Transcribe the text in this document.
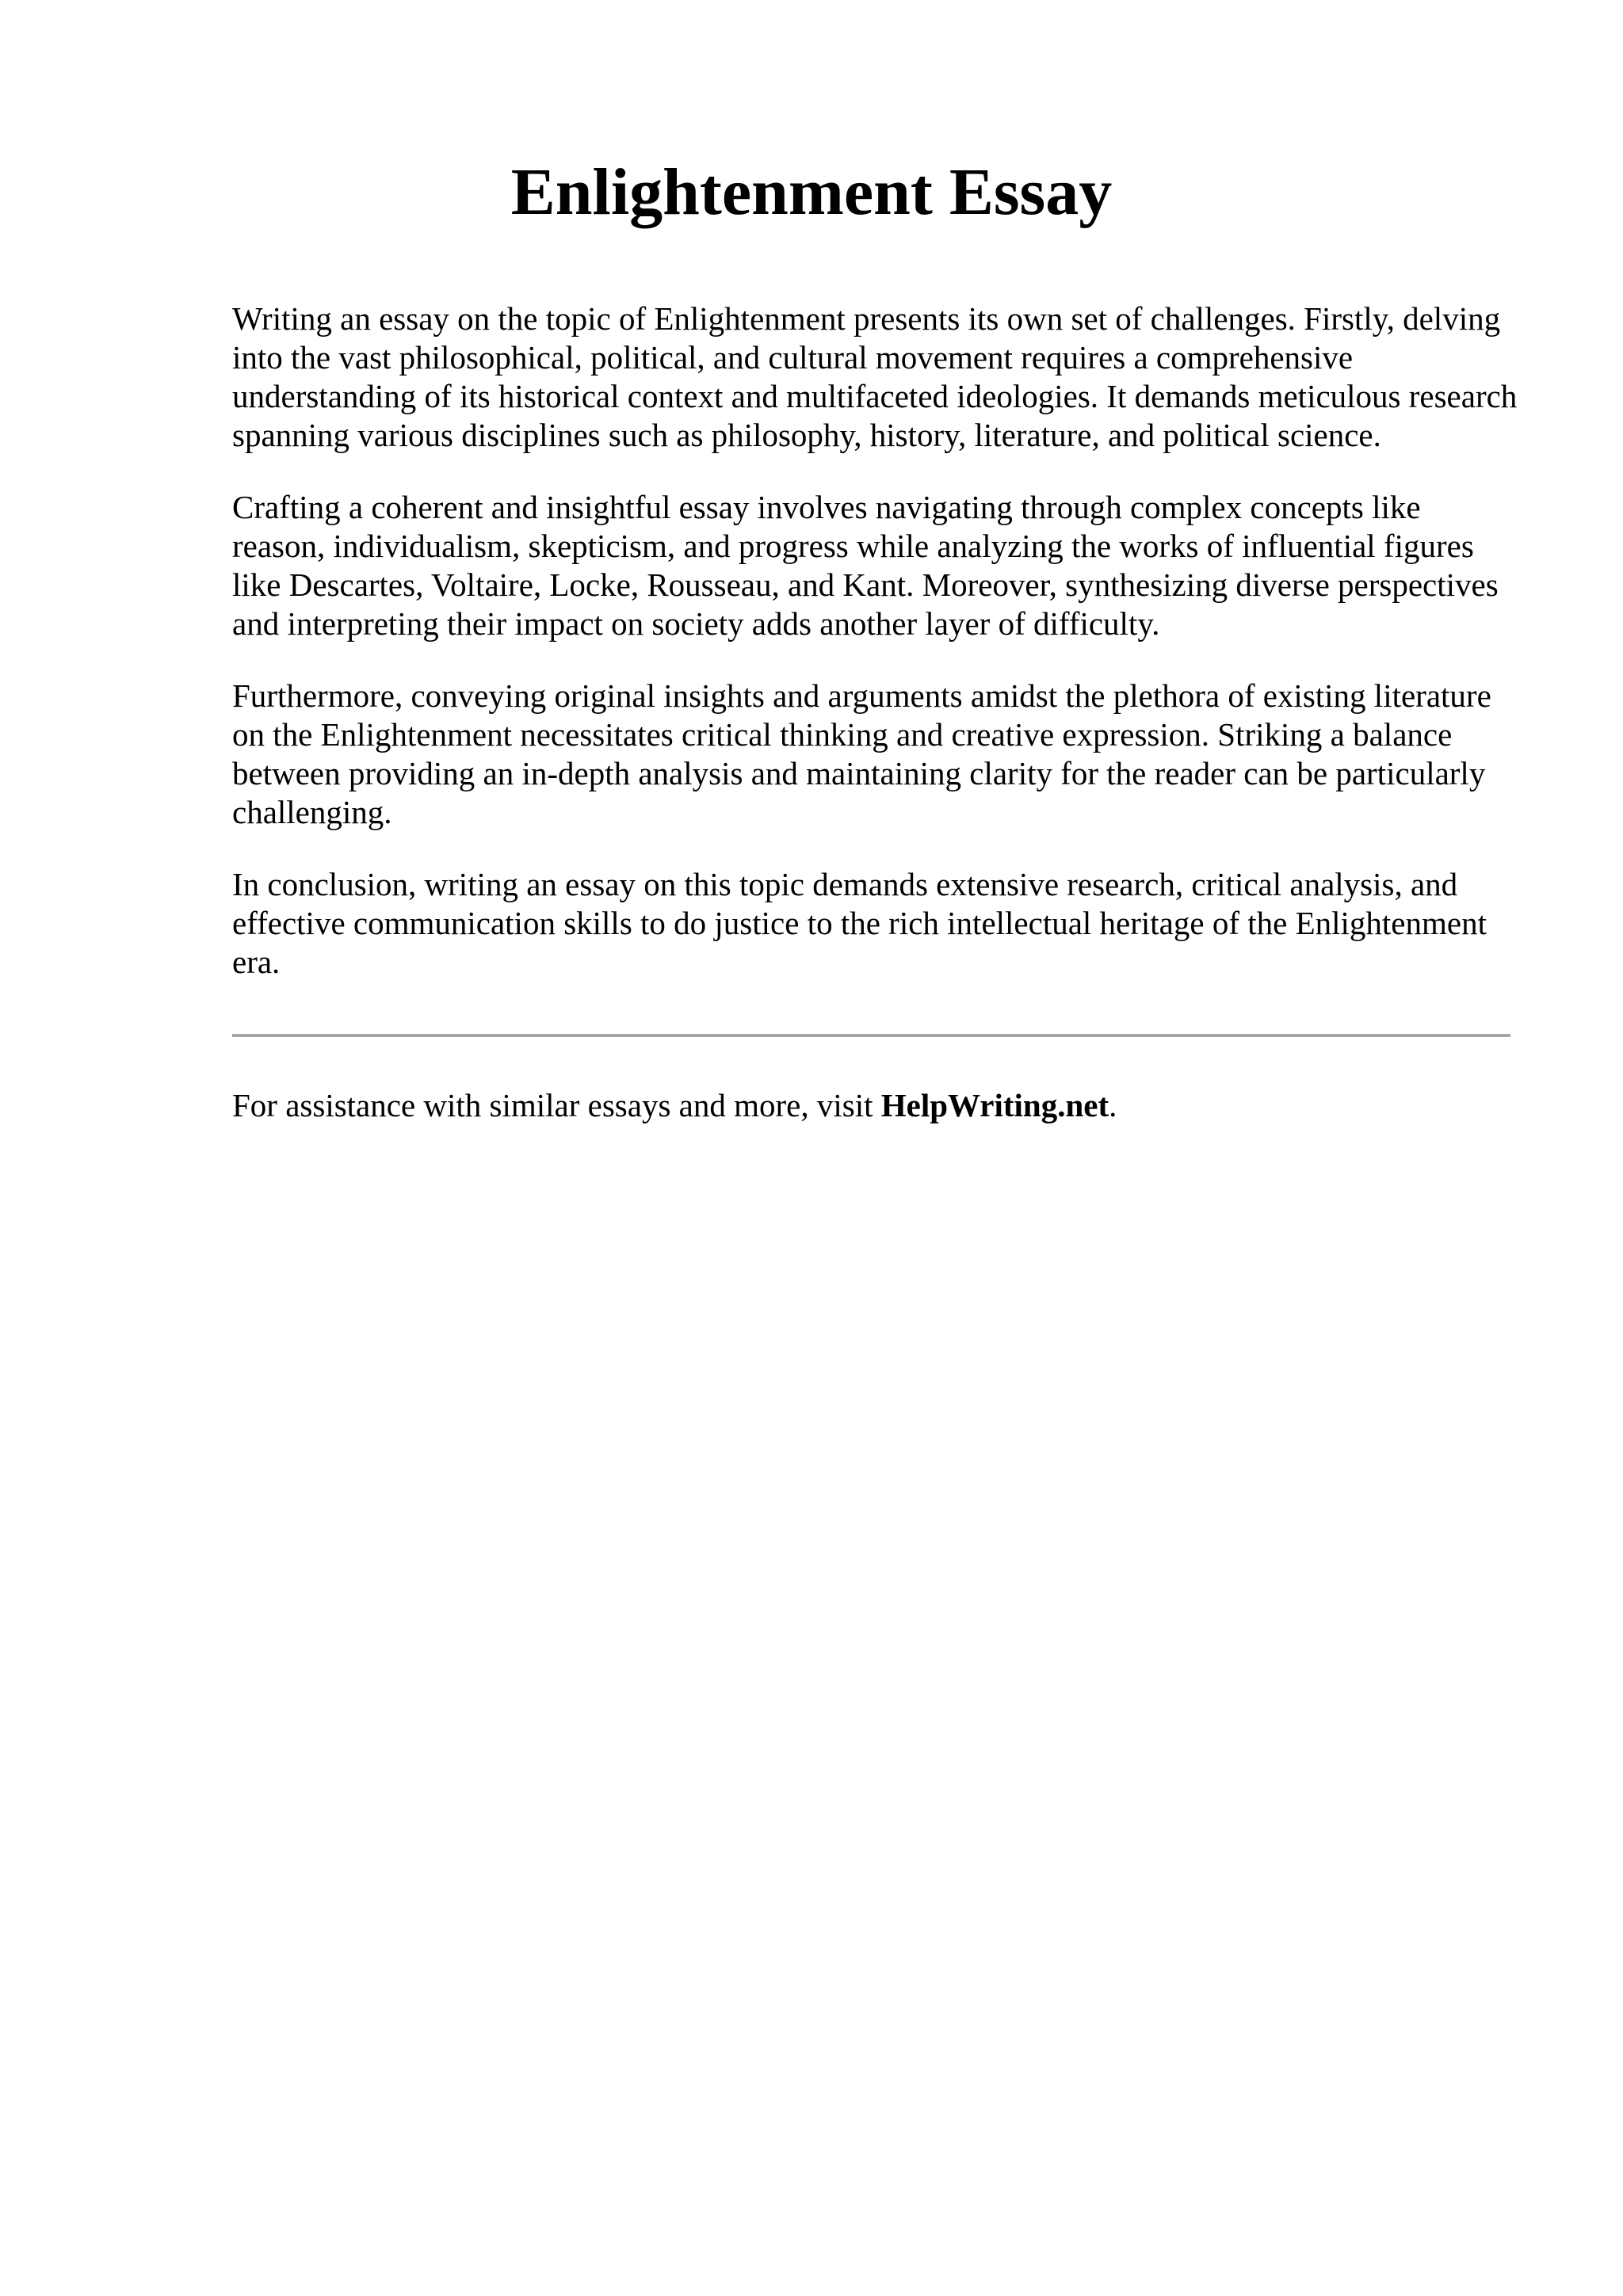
Enlightenment Essay

Writing an essay on the topic of Enlightenment presents its own set of challenges. Firstly, delving into the vast philosophical, political, and cultural movement requires a comprehensive understanding of its historical context and multifaceted ideologies. It demands meticulous research spanning various disciplines such as philosophy, history, literature, and political science.

Crafting a coherent and insightful essay involves navigating through complex concepts like reason, individualism, skepticism, and progress while analyzing the works of influential figures like Descartes, Voltaire, Locke, Rousseau, and Kant. Moreover, synthesizing diverse perspectives and interpreting their impact on society adds another layer of difficulty.

Furthermore, conveying original insights and arguments amidst the plethora of existing literature on the Enlightenment necessitates critical thinking and creative expression. Striking a balance between providing an in-depth analysis and maintaining clarity for the reader can be particularly challenging.

In conclusion, writing an essay on this topic demands extensive research, critical analysis, and effective communication skills to do justice to the rich intellectual heritage of the Enlightenment era.

For assistance with similar essays and more, visit HelpWriting.net.
